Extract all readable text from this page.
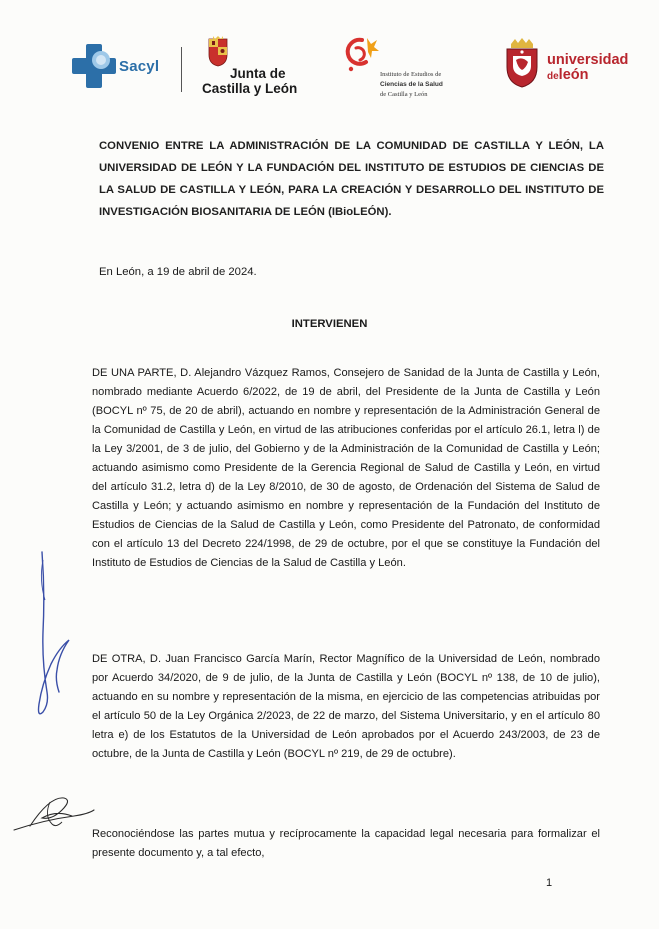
Sacyl	Junta de
Castilla y León
Instituto de Estudios de
Ciencias de la Salud
de Castilla y León
universidad
deleón

CONVENIO ENTRE LA ADMINISTRACIÓN DE LA COMUNIDAD DE CASTILLA Y LEÓN, LA UNIVERSIDAD DE LEÓN Y LA FUNDACIÓN DEL INSTITUTO DE ESTUDIOS DE CIENCIAS DE LA SALUD DE CASTILLA Y LEÓN, PARA LA CREACIÓN Y DESARROLLO DEL INSTITUTO DE INVESTIGACIÓN BIOSANITARIA DE LEÓN (IBioLEÓN).

En León, a 19 de abril de 2024.

INTERVIENEN

DE UNA PARTE, D. Alejandro Vázquez Ramos, Consejero de Sanidad de la Junta de Castilla y León, nombrado mediante Acuerdo 6/2022, de 19 de abril, del Presidente de la Junta de Castilla y León (BOCYL nº 75, de 20 de abril), actuando en nombre y representación de la Administración General de la Comunidad de Castilla y León, en virtud de las atribuciones conferidas por el artículo 26.1, letra l) de la Ley 3/2001, de 3 de julio, del Gobierno y de la Administración de la Comunidad de Castilla y León; actuando asimismo como Presidente de la Gerencia Regional de Salud de Castilla y León, en virtud del artículo 31.2, letra d) de la Ley 8/2010, de 30 de agosto, de Ordenación del Sistema de Salud de Castilla y León; y actuando asimismo en nombre y representación de la Fundación del Instituto de Estudios de Ciencias de la Salud de Castilla y León, como Presidente del Patronato, de conformidad con el artículo 13 del Decreto 224/1998, de 29 de octubre, por el que se constituye la Fundación del Instituto de Estudios de Ciencias de la Salud de Castilla y León.

DE OTRA, D. Juan Francisco García Marín, Rector Magnífico de la Universidad de León, nombrado por Acuerdo 34/2020, de 9 de julio, de la Junta de Castilla y León (BOCYL nº 138, de 10 de julio), actuando en su nombre y representación de la misma, en ejercicio de las competencias atribuidas por el artículo 50 de la Ley Orgánica 2/2023, de 22 de marzo, del Sistema Universitario, y en el artículo 80 letra e) de los Estatutos de la Universidad de León aprobados por el Acuerdo 243/2003, de 23 de octubre, de la Junta de Castilla y León (BOCYL nº 219, de 29 de octubre).

Reconociéndose las partes mutua y recíprocamente la capacidad legal necesaria para formalizar el presente documento y, a tal efecto,

1
